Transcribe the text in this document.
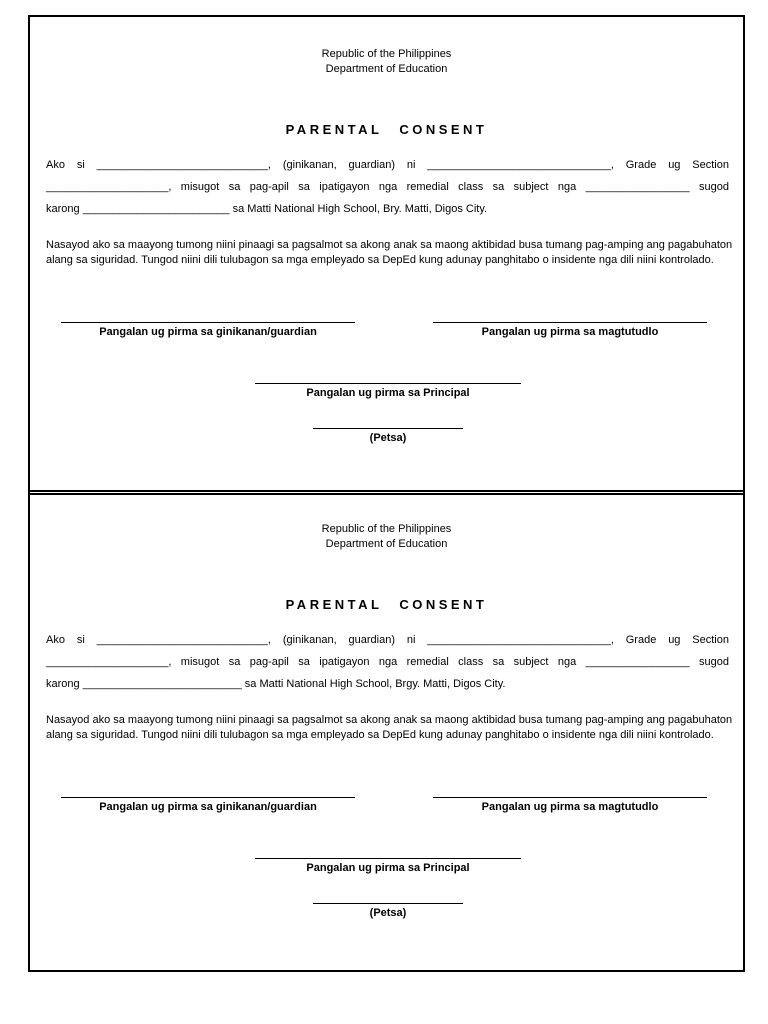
Republic of the Philippines
Department of Education
PARENTAL CONSENT
Ako si ____________________________, (ginikanan, guardian) ni ______________________________, Grade ug Section
____________________, misugot sa pag-apil sa ipatigayon nga remedial class sa subject nga _________________ sugod
karong ________________________ sa Matti National High School, Bry. Matti, Digos City.
Nasayod ako sa maayong tumong niini pinaagi sa pagsalmot sa akong anak sa maong aktibidad busa tumang pag-amping ang pagabuhaton alang sa siguridad. Tungod niini dili tulubagon sa mga empleyado sa DepEd kung adunay panghitabo o insidente nga dili niini kontrolado.
Pangalan ug pirma sa ginikanan/guardian	Pangalan ug pirma sa magtutudlo
Pangalan ug pirma sa Principal
(Petsa)
Republic of the Philippines
Department of Education
PARENTAL CONSENT
Ako si ____________________________, (ginikanan, guardian) ni ______________________________, Grade ug Section
____________________, misugot sa pag-apil sa ipatigayon nga remedial class sa subject nga _________________ sugod
karong __________________________ sa Matti National High School, Brgy. Matti, Digos City.
Nasayod ako sa maayong tumong niini pinaagi sa pagsalmot sa akong anak sa maong aktibidad busa tumang pag-amping ang pagabuhaton alang sa siguridad. Tungod niini dili tulubagon sa mga empleyado sa DepEd kung adunay panghitabo o insidente nga dili niini kontrolado.
Pangalan ug pirma sa ginikanan/guardian	Pangalan ug pirma sa magtutudlo
Pangalan ug pirma sa Principal
(Petsa)
